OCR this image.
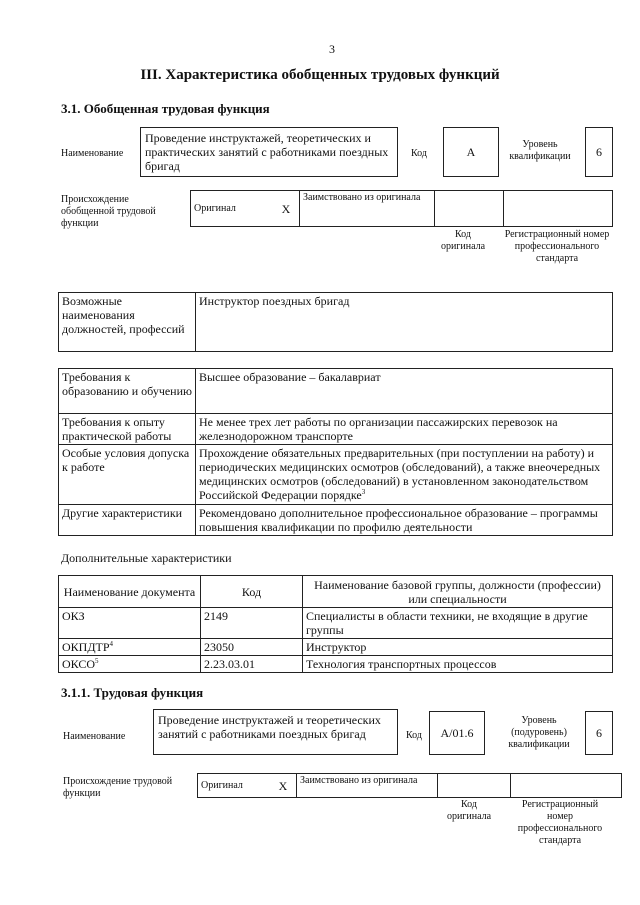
3
III. Характеристика обобщенных трудовых функций
3.1. Обобщенная трудовая функция
Наименование
Проведение инструктажей, теоретических и практических занятий с работниками поездных бригад
Код	A
Уровень квалификации	6
Происхождение обобщенной трудовой функции
Оригинал	X	Заимствовано из оригинала		
Код оригинала
Регистрационный номер профессионального стандарта
Возможные наименования должностей, профессий	Инструктор поездных бригад
Требования к образованию и обучению	Высшее образование – бакалавриат
Требования к опыту практической работы	Не менее трех лет работы по организации пассажирских перевозок на железнодорожном транспорте
Особые условия допуска к работе	Прохождение обязательных предварительных (при поступлении на работу) и периодических медицинских осмотров (обследований), а также внеочередных медицинских осмотров (обследований) в установленном законодательством Российской Федерации порядке$^3$
Другие характеристики	Рекомендовано дополнительное профессиональное образование – программы повышения квалификации по профилю деятельности
Дополнительные характеристики
Наименование документа	Код	Наименование базовой группы, должности (профессии) или специальности
ОКЗ	2149	Специалисты в области техники, не входящие в другие группы
ОКПДТР$^4$	23050	Инструктор
ОКСО$^5$	2.23.03.01	Технология транспортных процессов
3.1.1. Трудовая функция
Наименование
Проведение инструктажей и теоретических занятий с работниками поездных бригад	Код	A/01.6
Уровень (подуровень) квалификации
6
Происхождение трудовой функции
Оригинал	X	Заимствовано из оригинала		
Код оригинала
Регистрационный номер профессионального стандарта
